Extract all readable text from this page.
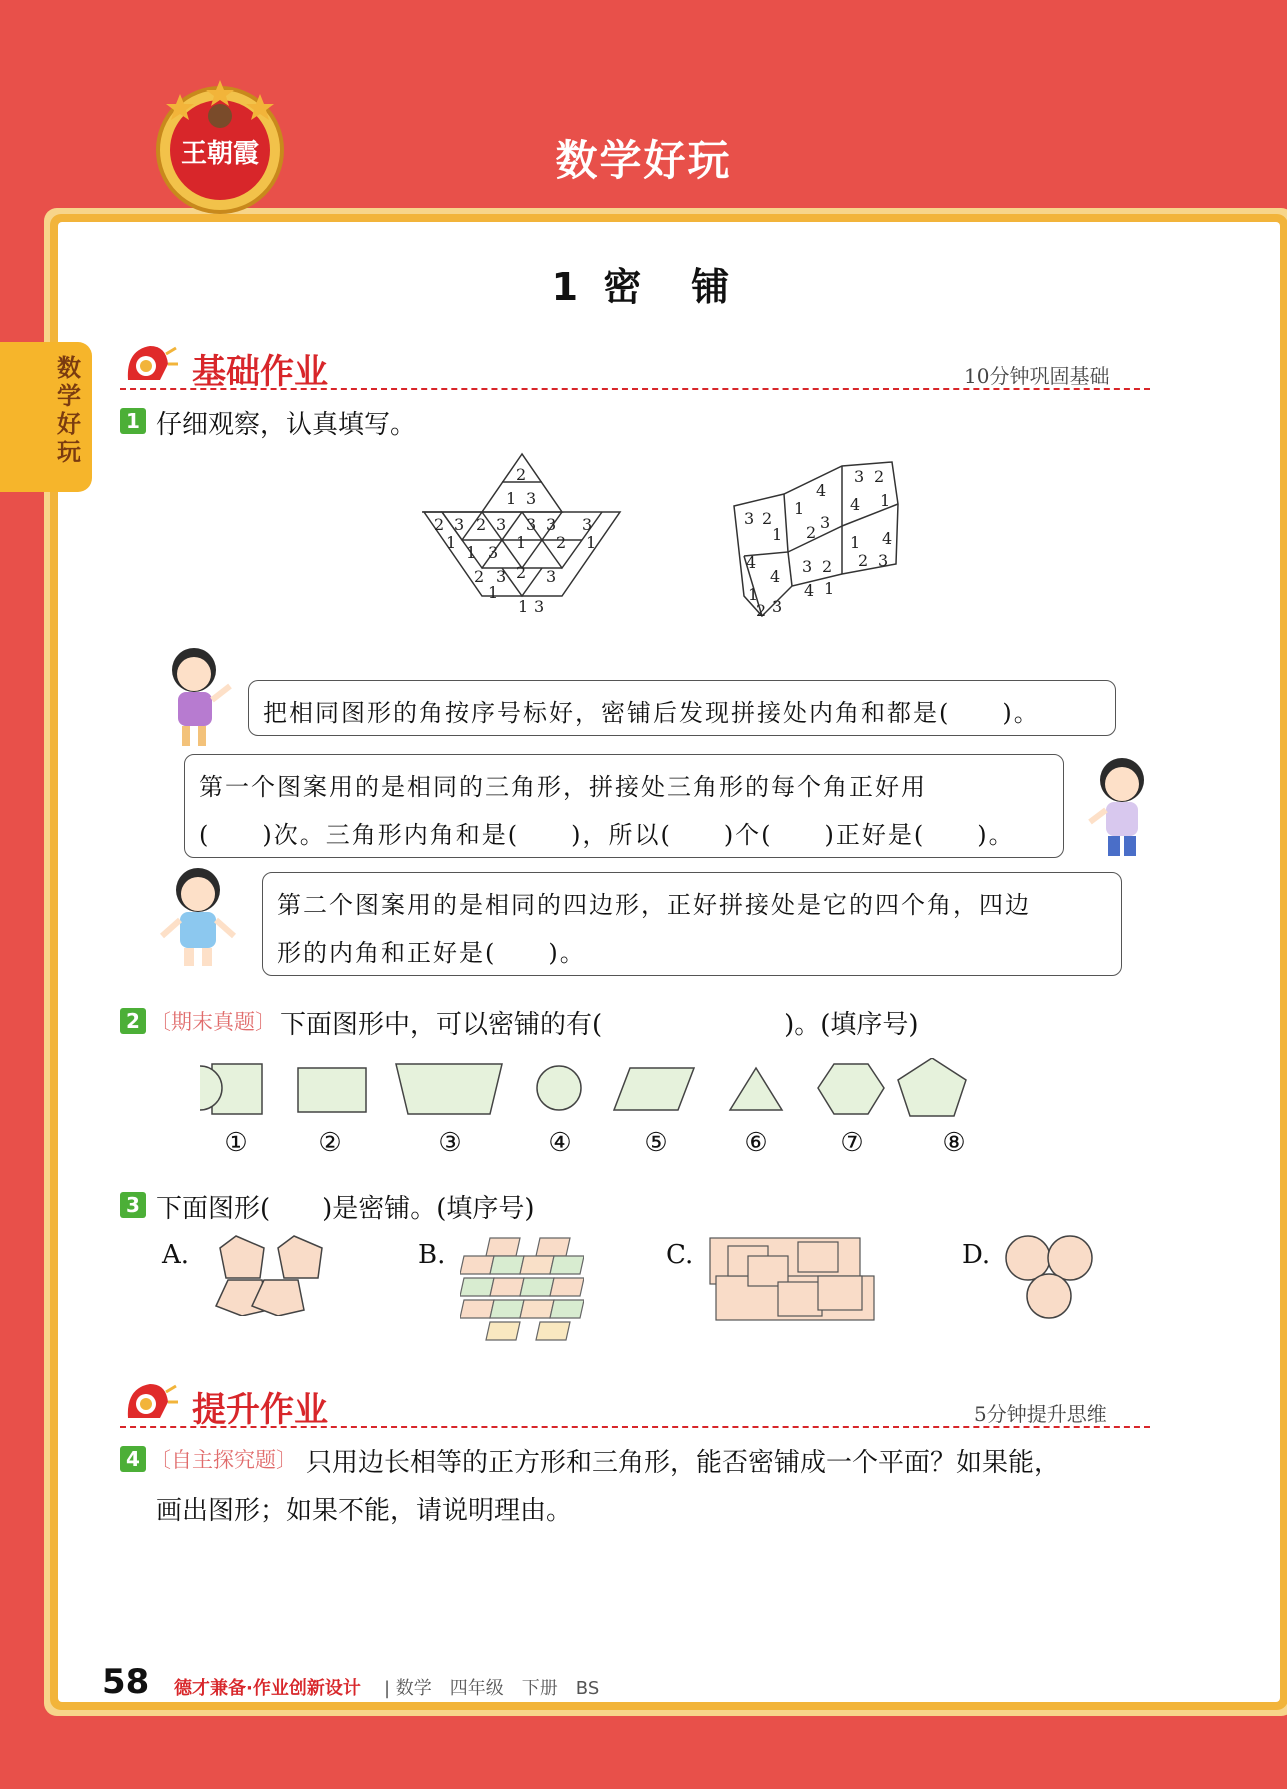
数学好玩
王朝霞
数学好玩
1 密　铺
基础作业	10分钟巩固基础
1 仔细观察，认真填写。
2
1 3
2 3 2 3 3 3 3
1
1 3
1 2 1
2 3 2 3
1
1 3
3 2
1
1
4
2
3
3 2
4 1
4
4
1
2 3
3 2
4 1
1 4
2 3
把相同图形的角按序号标好，密铺后发现拼接处内角和都是(　　)。
第一个图案用的是相同的三角形，拼接处三角形的每个角正好用
(　　)次。三角形内角和是(　　)，所以(　　)个(　　)正好是(　　)。
第二个图案用的是相同的四边形，正好拼接处是它的四个角，四边
形的内角和正好是(　　)。
2 〔期末真题〕 下面图形中，可以密铺的有(　　　　　　　)。(填序号)
①	②	③	④	⑤	⑥	⑦	⑧
3 下面图形(　　)是密铺。(填序号)
A.	B.	C.	D.
提升作业	5分钟提升思维
4 〔自主探究题〕 只用边长相等的正方形和三角形，能否密铺成一个平面？如果能，
画出图形；如果不能，请说明理由。
58 德才兼备·作业创新设计 | 数学　四年级　下册　BS
